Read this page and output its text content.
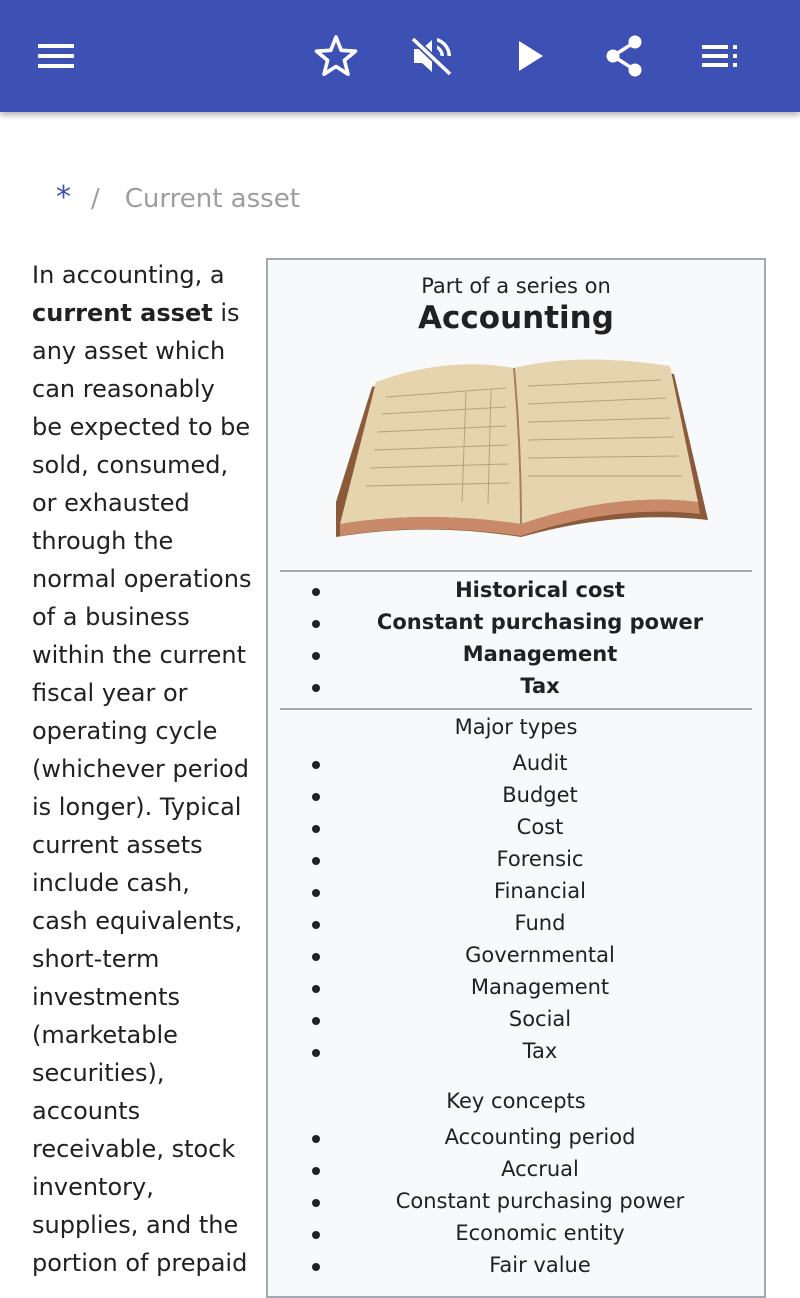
* / Current asset
In accounting, a current asset is any asset which can reasonably be expected to be sold, consumed, or exhausted through the normal operations of a business within the current fiscal year or operating cycle (whichever period is longer). Typical current assets include cash, cash equivalents, short-term investments (marketable securities), accounts receivable, stock inventory, supplies, and the portion of prepaid
Part of a series on
Accounting
Historical cost
Constant purchasing power
Management
Tax
Major types
Audit
Budget
Cost
Forensic
Financial
Fund
Governmental
Management
Social
Tax
Key concepts
Accounting period
Accrual
Constant purchasing power
Economic entity
Fair value
